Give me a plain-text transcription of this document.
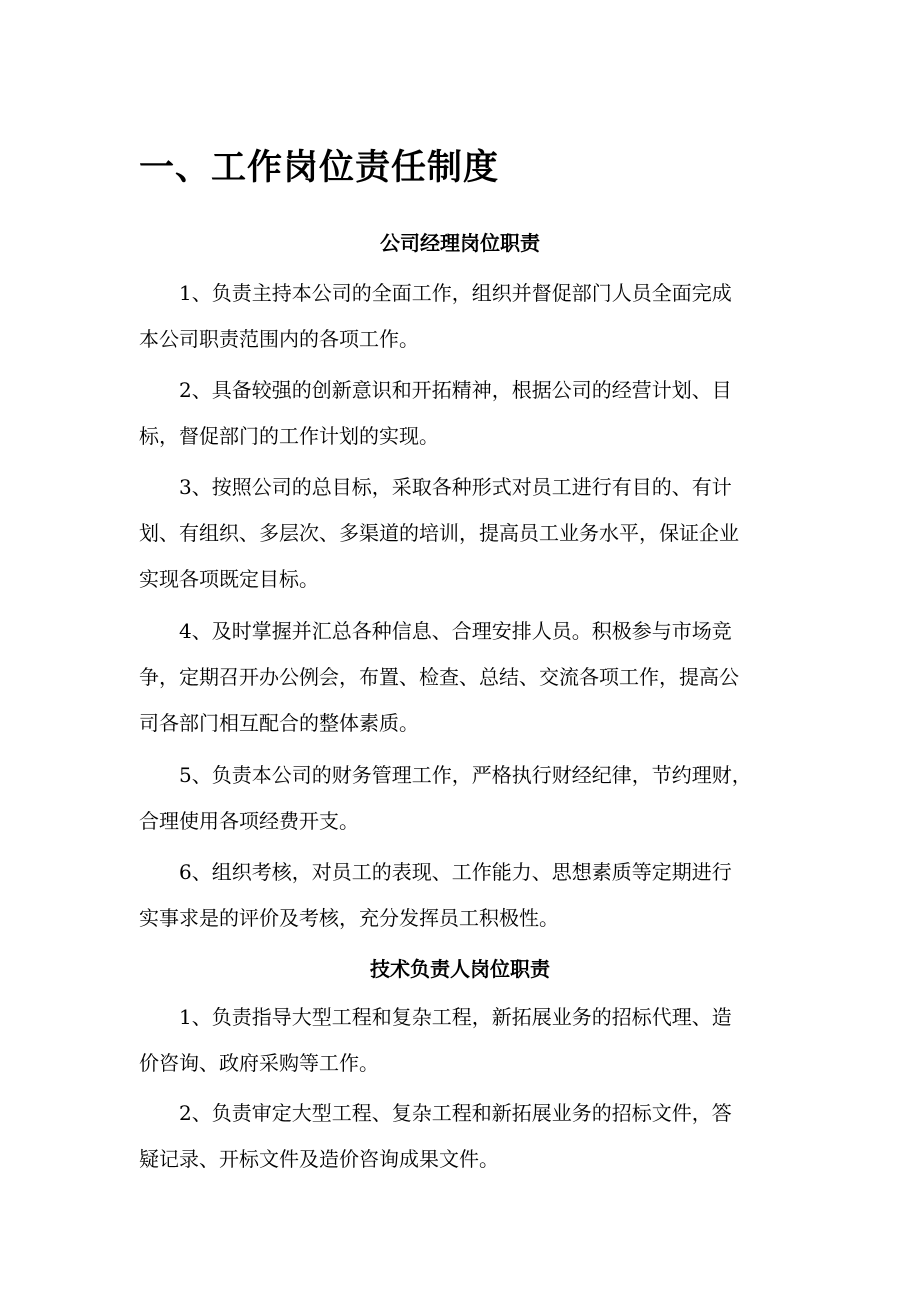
一、工作岗位责任制度
公司经理岗位职责
1、负责主持本公司的全面工作，组织并督促部门人员全面完成
本公司职责范围内的各项工作。
2、具备较强的创新意识和开拓精神，根据公司的经营计划、目
标，督促部门的工作计划的实现。
3、按照公司的总目标，采取各种形式对员工进行有目的、有计
划、有组织、多层次、多渠道的培训，提高员工业务水平，保证企业
实现各项既定目标。
4、及时掌握并汇总各种信息、合理安排人员。积极参与市场竞
争，定期召开办公例会，布置、检查、总结、交流各项工作，提高公
司各部门相互配合的整体素质。
5、负责本公司的财务管理工作，严格执行财经纪律，节约理财，
合理使用各项经费开支。
6、组织考核，对员工的表现、工作能力、思想素质等定期进行
实事求是的评价及考核，充分发挥员工积极性。
技术负责人岗位职责
1、负责指导大型工程和复杂工程，新拓展业务的招标代理、造
价咨询、政府采购等工作。
2、负责审定大型工程、复杂工程和新拓展业务的招标文件，答
疑记录、开标文件及造价咨询成果文件。
